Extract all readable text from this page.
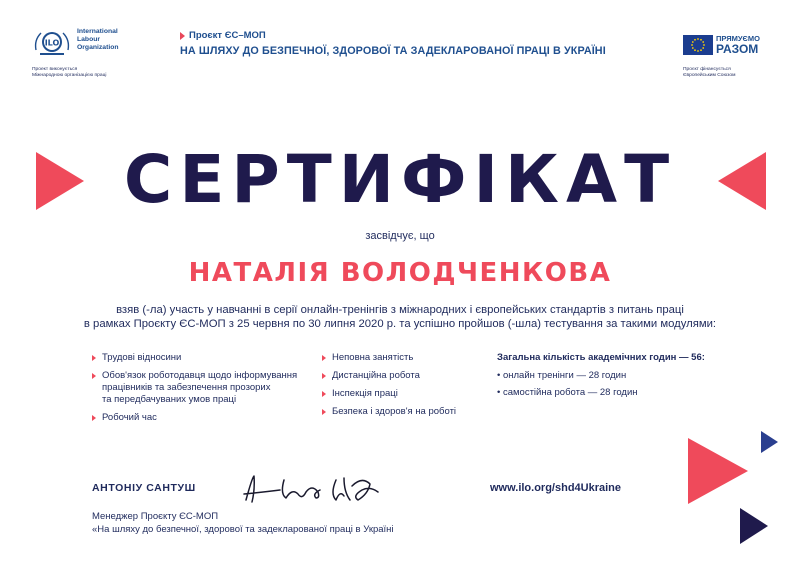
ILO
International
Labour
Organization
Проект виконується
Міжнародною організацією праці
Проєкт ЄС–МОП
НА ШЛЯХУ ДО БЕЗПЕЧНОЇ, ЗДОРОВОЇ ТА ЗАДЕКЛАРОВАНОЇ ПРАЦІ В УКРАЇНІ
ПРЯМУЄМО
РАЗОМ
Проєкт фінансується
Європейським Союзом
СЕРТИФІКАТ
засвідчує, що
НАТАЛІЯ ВОЛОДЧЕНКОВА
взяв (-ла) участь у навчанні в серії онлайн-тренінгів з міжнародних і європейських стандартів з питань праці
в рамках Проєкту ЄС-МОП з 25 червня по 30 липня 2020 р. та успішно пройшов (-шла) тестування за такими модулями:
Трудові відносини
Обов'язок роботодавця щодо інформування
працівників та забезпечення прозорих
та передбачуваних умов праці
Робочий час
Неповна занятість
Дистанційна робота
Інспекція праці
Безпека і здоров'я на роботі
Загальна кількість академічних годин — 56:
• онлайн тренінги — 28 годин
• самостійна робота — 28 годин
АНТОНІУ САНТУШ	www.ilo.org/shd4Ukraine
Менеджер Проєкту ЄС-МОП
«На шляху до безпечної, здорової та задекларованої праці в Україні
